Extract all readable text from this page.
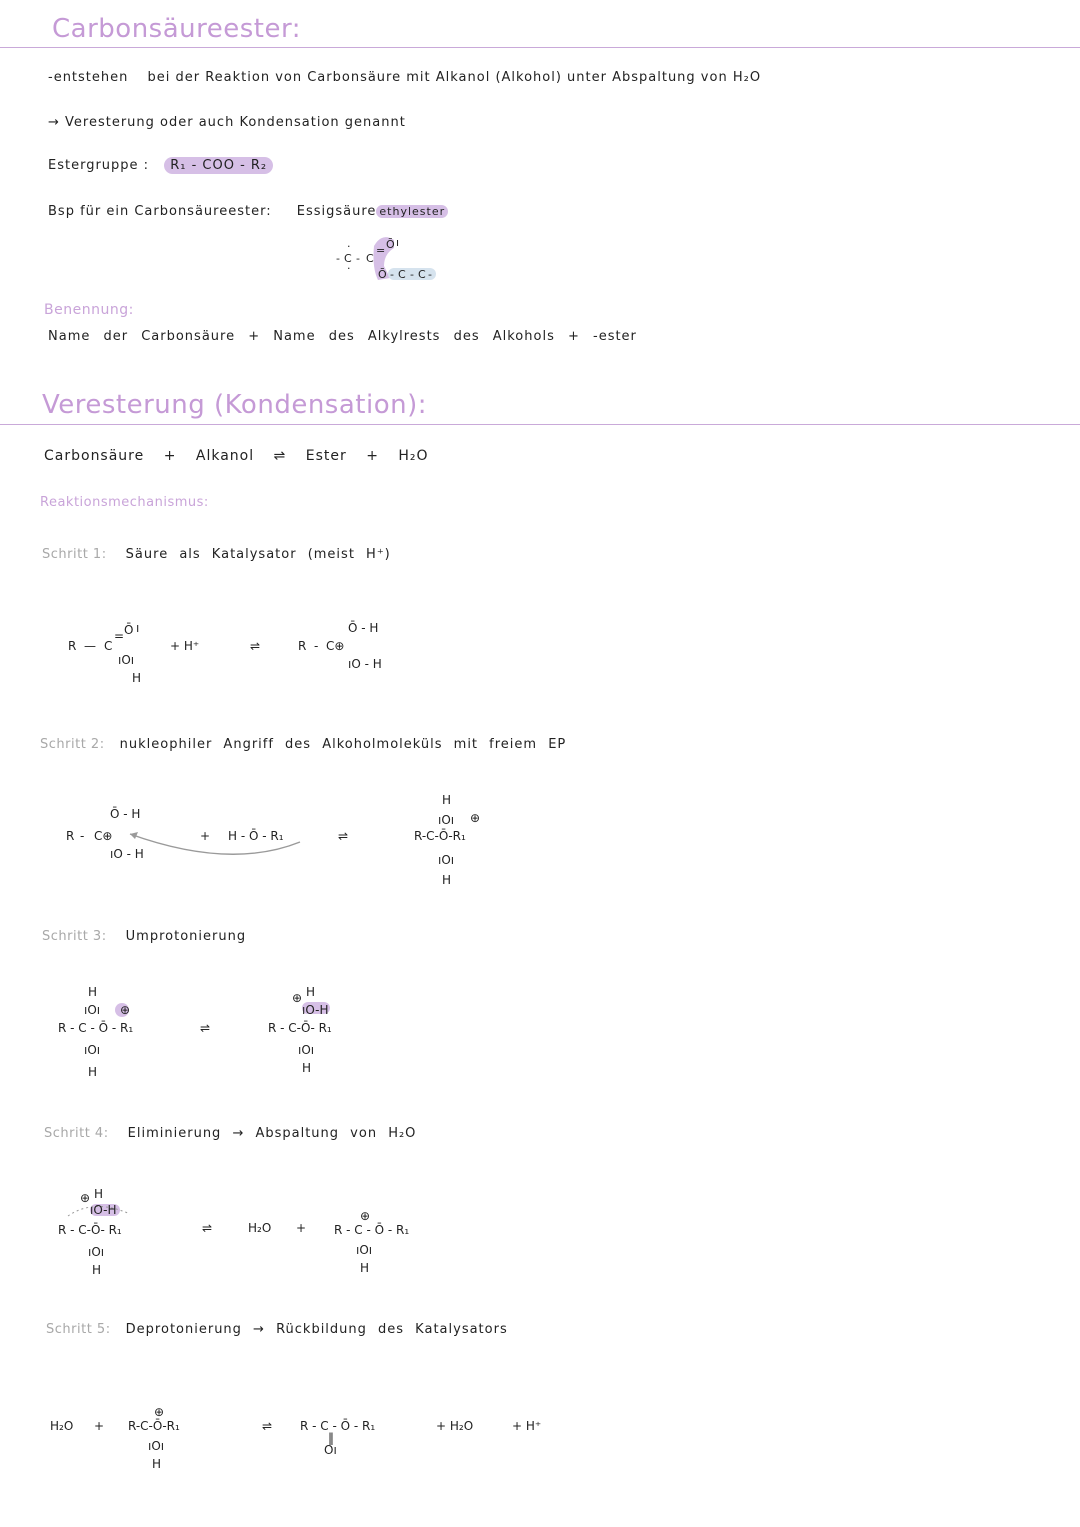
Carbonsäureester:
-entstehen bei der Reaktion von Carbonsäure mit Alkanol (Alkohol) unter Abspaltung von H₂O
→ Veresterung oder auch Kondensation genannt
Estergruppe : R₁ - COO - R₂
Bsp für ein Carbonsäureester: Essigsäure ethylester
- C
·
·
- C
= Ō ı
Ō - C - C -
Benennung:
Name der Carbonsäure + Name des Alkylrests des Alkohols + -ester
Veresterung (Kondensation):
Carbonsäure + Alkanol ⇌ Ester + H₂O
Reaktionsmechanismus:
Schritt 1: Säure als Katalysator (meist H⁺)
R — C
= Ō ı
ıOı
H
+ H⁺	⇌	R - C⊕
Ō - H
ıO - H
Schritt 2: nukleophiler Angriff des Alkoholmoleküls mit freiem EP
R - C⊕
Ō - H
ıO - H
+ H - Ō - R₁	⇌
H
ıOı
R-C-Ō-R₁
⊕
ıOı
H
Schritt 3: Umprotonierung
H
ıOı
R - C - Ō - R₁
⊕
ıOı
H
⇌
⊕ H
R - C-Ō- R₁
ıO-H
ıOı
H
Schritt 4: Eliminierung → Abspaltung von H₂O
⊕ H
ıO-H
R - C-Ō- R₁
ıOı
H
⇌	H₂O +
⊕
R - C - Ō - R₁
ıOı
H
Schritt 5: Deprotonierung → Rückbildung des Katalysators
H₂O +
⊕
R-C-Ō-R₁
ıOı
H
⇌ R - C - Ō - R₁
‖
Oı
+ H₂O	+ H⁺
